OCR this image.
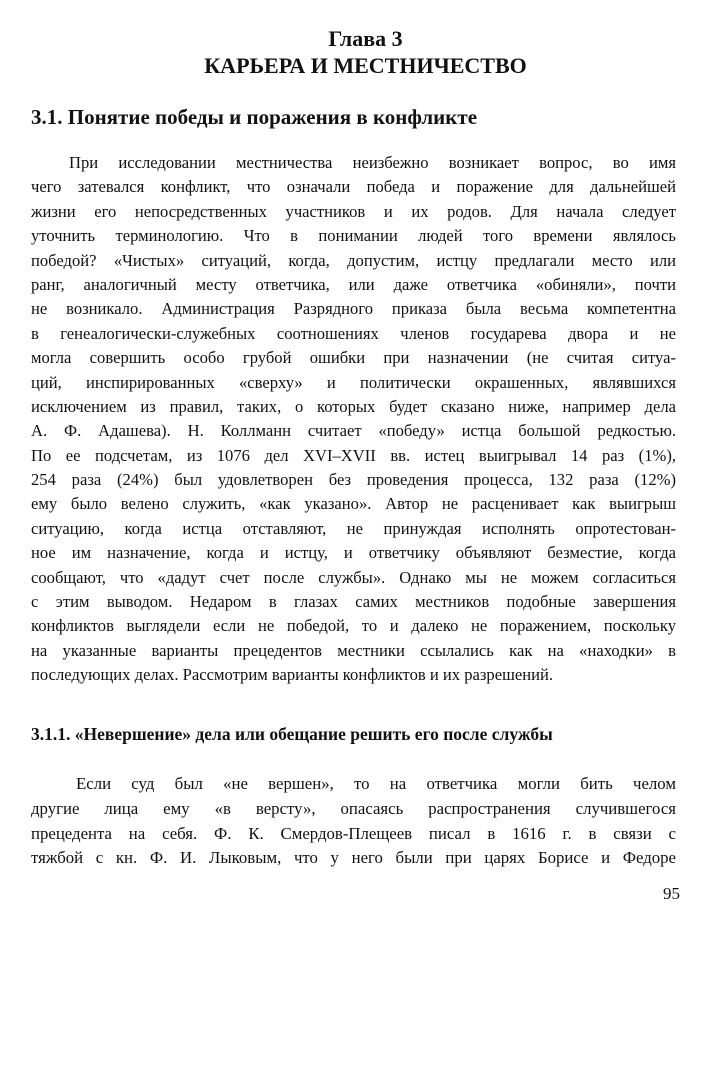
Глава 3
КАРЬЕРА И МЕСТНИЧЕСТВО
3.1. Понятие победы и поражения в конфликте
При исследовании местничества неизбежно возникает вопрос, во имя
чего затевался конфликт, что означали победа и поражение для дальнейшей
жизни его непосредственных участников и их родов. Для начала следует
уточнить терминологию. Что в понимании людей того времени являлось
победой? «Чистых» ситуаций, когда, допустим, истцу предлагали место или
ранг, аналогичный месту ответчика, или даже ответчика «обиняли», почти
не возникало. Администрация Разрядного приказа была весьма компетентна
в генеалогически-служебных соотношениях членов государева двора и не
могла совершить особо грубой ошибки при назначении (не считая ситуа-
ций, инспирированных «сверху» и политически окрашенных, являвшихся
исключением из правил, таких, о которых будет сказано ниже, например дела
А. Ф. Адашева). Н. Коллманн считает «победу» истца большой редкостью.
По ее подсчетам, из 1076 дел XVI–XVII вв. истец выигрывал 14 раз (1%),
254 раза (24%) был удовлетворен без проведения процесса, 132 раза (12%)
ему было велено служить, «как указано». Автор не расценивает как выигрыш
ситуацию, когда истца отставляют, не принуждая исполнять опротестован-
ное им назначение, когда и истцу, и ответчику объявляют безместие, когда
сообщают, что «дадут счет после службы». Однако мы не можем согласиться
с этим выводом. Недаром в глазах самих местников подобные завершения
конфликтов выглядели если не победой, то и далеко не поражением, поскольку
на указанные варианты прецедентов местники ссылались как на «находки» в
последующих делах. Рассмотрим варианты конфликтов и их разрешений.
3.1.1. «Невершение» дела или обещание решить его после службы
Если суд был «не вершен», то на ответчика могли бить челом
другие лица ему «в версту», опасаясь распространения случившегося
прецедента на себя. Ф. К. Смердов-Плещеев писал в 1616 г. в связи с
тяжбой с кн. Ф. И. Лыковым, что у него были при царях Борисе и Федоре
95
